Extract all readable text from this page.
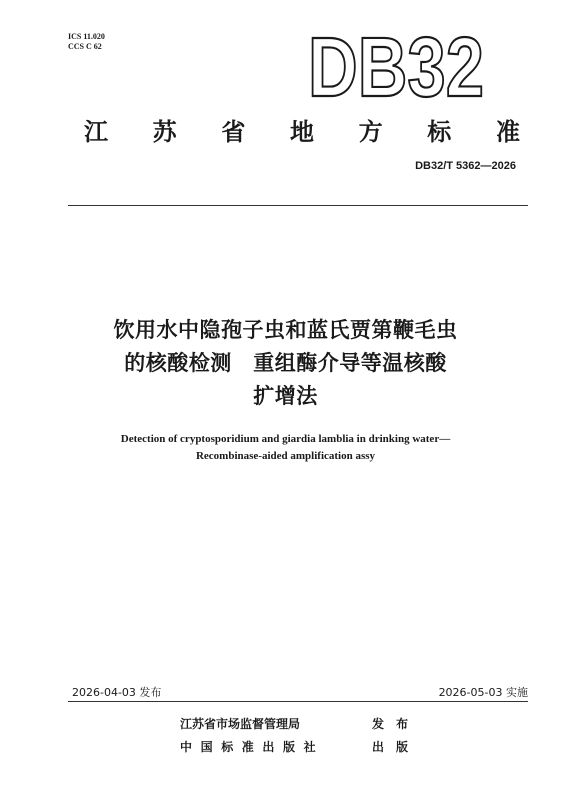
ICS 11.020
CCS C 62 DB32
江 苏 省 地 方 标 准
DB32/T 5362—2026
饮用水中隐孢子虫和蓝氏贾第鞭毛虫
的核酸检测　重组酶介导等温核酸
扩增法
Detection of cryptosporidium and giardia lamblia in drinking water—
Recombinase-aided amplification assy
2026-04-03 发布	2026-05-03 实施
江苏省市场监督管理局	发布
中国标准出版社	出版
